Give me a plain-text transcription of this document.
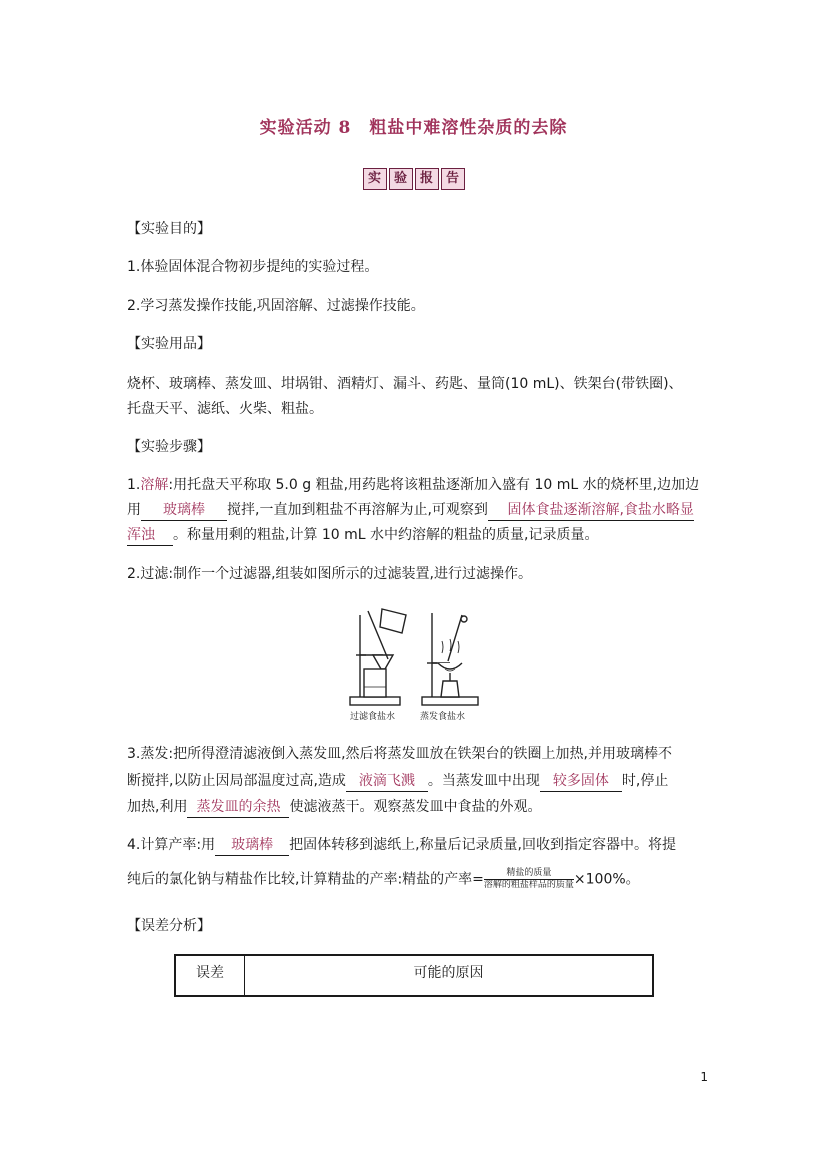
实验活动 8　粗盐中难溶性杂质的去除
实 验 报 告
【实验目的】
1.体验固体混合物初步提纯的实验过程。
2.学习蒸发操作技能,巩固溶解、过滤操作技能。
【实验用品】
烧杯、玻璃棒、蒸发皿、坩埚钳、酒精灯、漏斗、药匙、量筒(10 mL)、铁架台(带铁圈)、
托盘天平、滤纸、火柴、粗盐。
【实验步骤】
1.溶解:用托盘天平称取 5.0 g 粗盐,用药匙将该粗盐逐渐加入盛有 10 mL 水的烧杯里,边加边
用 玻璃棒 搅拌,一直加到粗盐不再溶解为止,可观察到 固体食盐逐渐溶解,食盐水略显
浑浊 。称量用剩的粗盐,计算 10 mL 水中约溶解的粗盐的质量,记录质量。
2.过滤:制作一个过滤器,组装如图所示的过滤装置,进行过滤操作。
过滤食盐水	蒸发食盐水
3.蒸发:把所得澄清滤液倒入蒸发皿,然后将蒸发皿放在铁架台的铁圈上加热,并用玻璃棒不
断搅拌,以防止因局部温度过高,造成 液滴飞溅 。当蒸发皿中出现 较多固体 时,停止
加热,利用 蒸发皿的余热 使滤液蒸干。观察蒸发皿中食盐的外观。
4.计算产率:用 玻璃棒 把固体转移到滤纸上,称量后记录质量,回收到指定容器中。将提
纯后的氯化钠与精盐作比较,计算精盐的产率:精盐的产率= $\frac{\text{精盐的质量}}{\text{溶解的粗盐样品的质量}} \times 100\%$。
【误差分析】
误差	可能的原因
1
